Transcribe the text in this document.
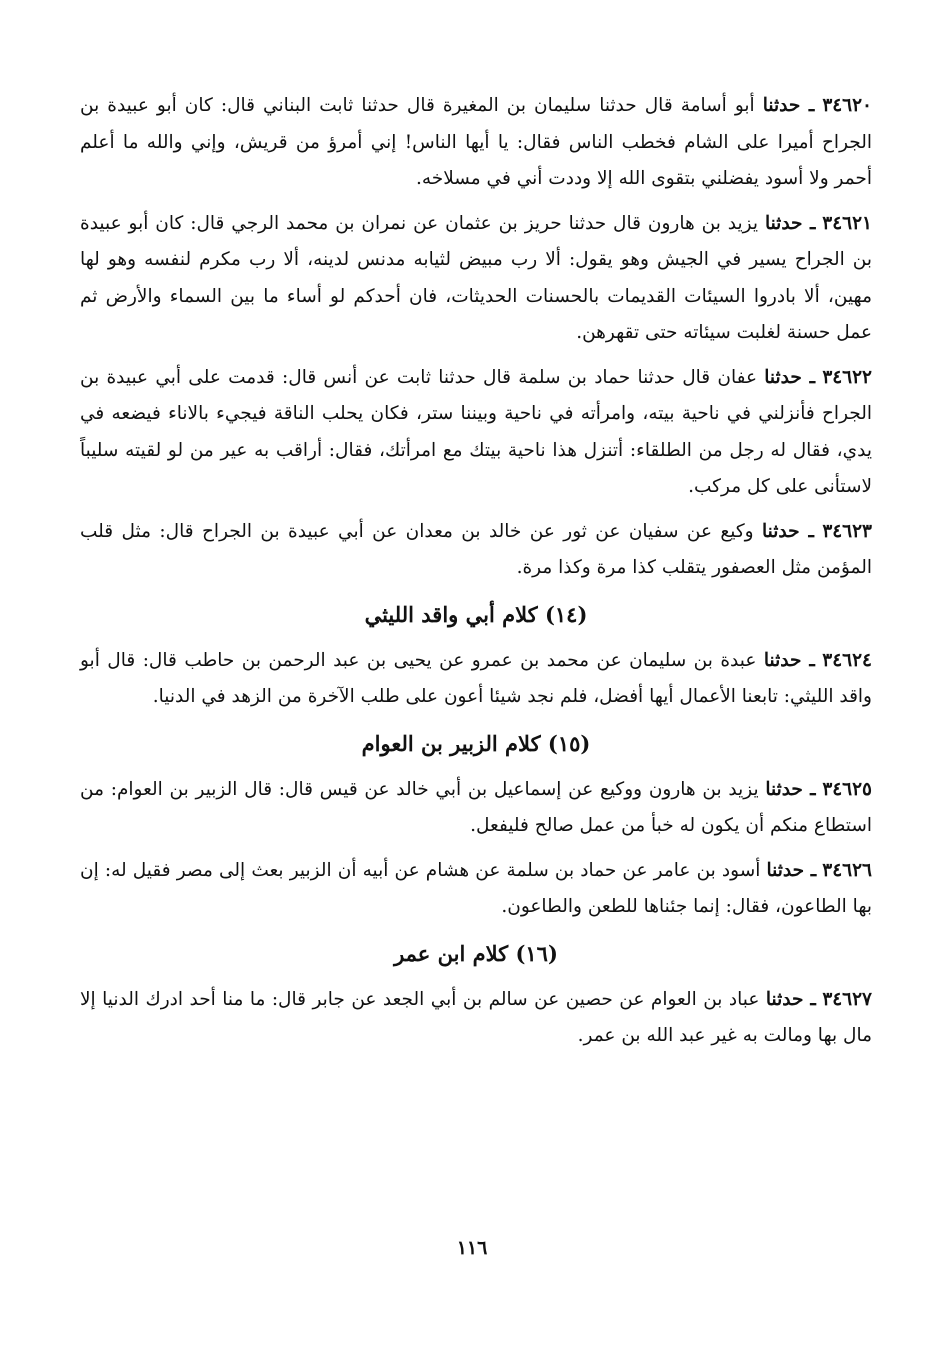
٣٤٦٢٠ ـ حدثنا أبو أسامة قال حدثنا سليمان بن المغيرة قال حدثنا ثابت البناني قال: كان أبو عبيدة بن الجراح أميرا على الشام فخطب الناس فقال: يا أيها الناس! إني أمرؤ من قريش، وإني والله ما أعلم أحمر ولا أسود يفضلني بتقوى الله إلا وددت أني في مسلاخه.

٣٤٦٢١ ـ حدثنا يزيد بن هارون قال حدثنا حريز بن عثمان عن نمران بن محمد الرجي قال: كان أبو عبيدة بن الجراح يسير في الجيش وهو يقول: ألا رب مبيض لثيابه مدنس لدينه، ألا رب مكرم لنفسه وهو لها مهين، ألا بادروا السيئات القديمات بالحسنات الحديثات، فان أحدكم لو أساء ما بين السماء والأرض ثم عمل حسنة لغلبت سيئاته حتى تقهرهن.

٣٤٦٢٢ ـ حدثنا عفان قال حدثنا حماد بن سلمة قال حدثنا ثابت عن أنس قال: قدمت على أبي عبيدة بن الجراح فأنزلني في ناحية بيته، وامرأته في ناحية وبيننا ستر، فكان يحلب الناقة فيجيء بالاناء فيضعه في يدي، فقال له رجل من الطلقاء: أتنزل هذا ناحية بيتك مع امرأتك، فقال: أراقب به عير من لو لقيته سليباً لاستأنى على كل مركب.

٣٤٦٢٣ ـ حدثنا وكيع عن سفيان عن ثور عن خالد بن معدان عن أبي عبيدة بن الجراح قال: مثل قلب المؤمن مثل العصفور يتقلب كذا مرة وكذا مرة.

(١٤) كلام أبي واقد الليثي

٣٤٦٢٤ ـ حدثنا عبدة بن سليمان عن محمد بن عمرو عن يحيى بن عبد الرحمن بن حاطب قال: قال أبو واقد الليثي: تابعنا الأعمال أيها أفضل، فلم نجد شيئا أعون على طلب الآخرة من الزهد في الدنيا.

(١٥) كلام الزبير بن العوام

٣٤٦٢٥ ـ حدثنا يزيد بن هارون ووكيع عن إسماعيل بن أبي خالد عن قيس قال: قال الزبير بن العوام: من استطاع منكم أن يكون له خبأ من عمل صالح فليفعل.

٣٤٦٢٦ ـ حدثنا أسود بن عامر عن حماد بن سلمة عن هشام عن أبيه أن الزبير بعث إلى مصر فقيل له: إن بها الطاعون، فقال: إنما جئناها للطعن والطاعون.

(١٦) كلام ابن عمر

٣٤٦٢٧ ـ حدثنا عباد بن العوام عن حصين عن سالم بن أبي الجعد عن جابر قال: ما منا أحد ادرك الدنيا إلا مال بها ومالت به غير عبد الله بن عمر.

١١٦
